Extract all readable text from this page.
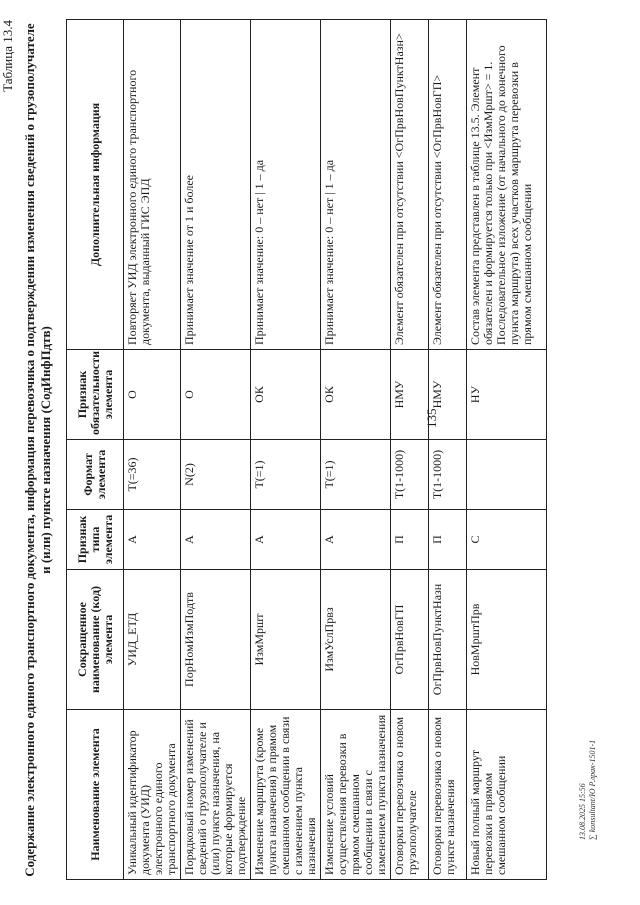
135
13.08.2025 15:56 ∑ konsultant/Ю Р.лрак-1501-1
Таблица 13.4 Содержание электронного единого транспортного документа, информация перевозчика о подтверждении изменения сведений о грузополучателе и (или) пункте назначения (СодИнфПдтв)
Наименование элемента	Сокращенное наименование (код) элемента	Признак типа элемента	Формат элемента	Признак обязательности элемента	Дополнительная информация
Уникальный идентификатор документа (УИД) электронного единого транспортного документа	УИД_ЕТД	А	Т(=36)	О	Повторяет УИД электронного единого транспортного документа, выданный ГИС ЭПД
Порядковый номер изменений сведений о грузополучателе и (или) пункте назначения, на которые формируется подтверждение	ПорНомИзмПодтв	А	N(2)	О	Принимает значение от 1 и более
Изменение маршрута (кроме пункта назначения) в прямом смешанном сообщении в связи с изменением пункта назначения	ИзмМршт	А	Т(=1)	ОК	Принимает значение: 0 – нет | 1 – да
Изменение условий осуществления перевозки в прямом смешанном сообщении в связи с изменением пункта назначения	ИзмУслПрвз	А	Т(=1)	ОК	Принимает значение: 0 – нет | 1 – да
Оговорки перевозчика о новом грузополучателе	ОгПрвНовГП	П	Т(1-1000)	НМУ	Элемент обязателен при отсутствии <ОгПрвНовПунктНазн>
Оговорки перевозчика о новом пункте назначения	ОгПрвНовПунктНазн	П	Т(1-1000)	НМУ	Элемент обязателен при отсутствии <ОгПрвНовГП>
Новый полный маршрут перевозки в прямом смешанном сообщении	НовМрштПрв	С		НУ	Состав элемента представлен в таблице 13.5. Элемент обязателен и формируется только при <ИзмМршт> = 1. Последовательное изложение (от начального до конечного пункта маршрута) всех участков маршрута перевозки в прямом смешанном сообщении
